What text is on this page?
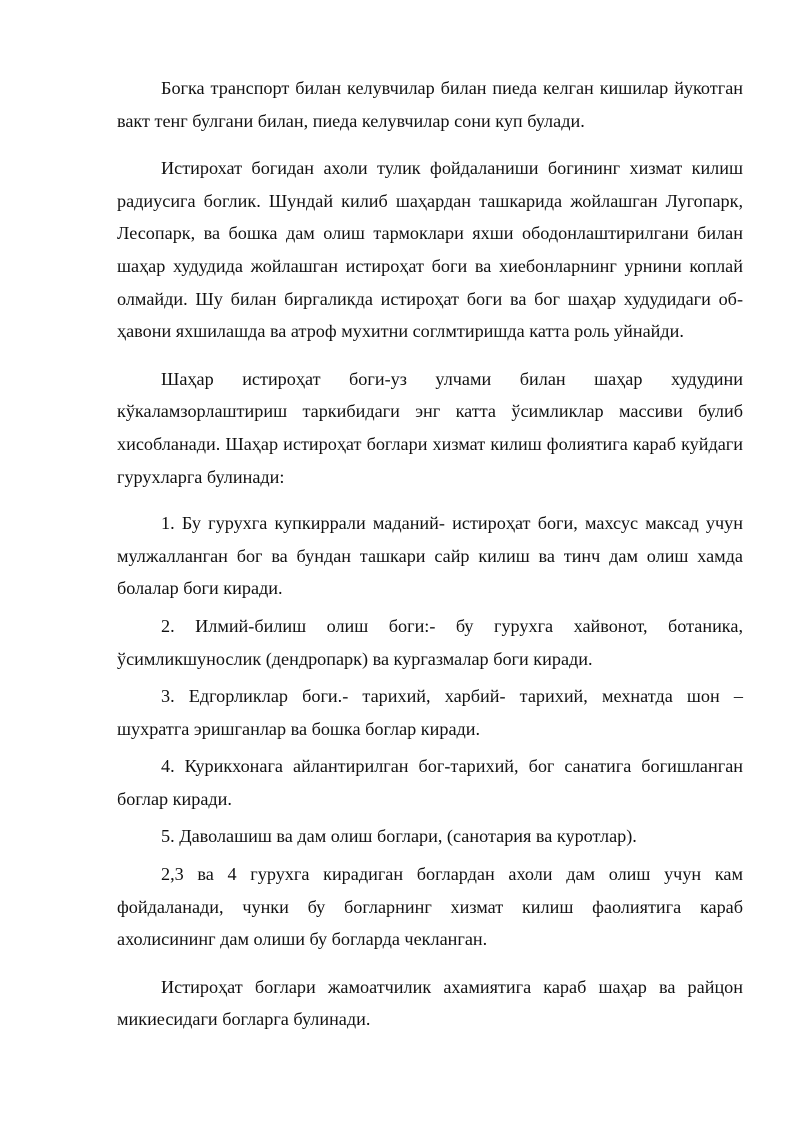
Богка транспорт билан келувчилар билан пиеда келган кишилар йукотган вакт тенг булгани билан, пиеда келувчилар сони куп булади.

Истирохат богидан ахоли тулик фойдаланиши богининг хизмат килиш радиусига боглик. Шундай килиб шаҳардан ташкарида жойлашган Лугопарк, Лесопарк, ва бошка дам олиш тармоклари яхши ободонлаштирилгани билан шаҳар худудида жойлашган истироҳат боги ва хиебонларнинг урнини коплай олмайди. Шу билан биргаликда истироҳат боги ва бог шаҳар худудидаги об-ҳавони яхшилашда ва атроф мухитни соглмтиришда катта роль уйнайди.

Шаҳар истироҳат боги-уз улчами билан шаҳар худудини кўкаламзорлаштириш таркибидаги энг катта ўсимликлар массиви булиб хисобланади. Шаҳар истироҳат боглари хизмат килиш фолиятига караб куйдаги гурухларга булинади:

1. Бу гурухга купкиррали маданий- истироҳат боги, махсус максад учун мулжалланган бог ва бундан ташкари сайр килиш ва тинч дам олиш хамда болалар боги киради.

2. Илмий-билиш олиш боги:- бу гурухга хайвонот, ботаника, ўсимликшунослик (дендропарк) ва кургазмалар боги киради.

3. Едгорликлар боги.- тарихий, харбий- тарихий, мехнатда шон – шухратга эришганлар ва бошка боглар киради.

4. Курикхонага айлантирилган бог-тарихий, бог санатига богишланган боглар киради.

5. Даволашиш ва дам олиш боглари, (санотария ва куротлар).

2,3 ва 4 гурухга кирадиган боглардан ахоли дам олиш учун кам фойдаланади, чунки бу богларнинг хизмат килиш фаолиятига караб ахолисининг дам олиши бу богларда чекланган.

Истироҳат боглари жамоатчилик ахамиятига караб шаҳар ва райцон микиесидаги богларга булинади.
